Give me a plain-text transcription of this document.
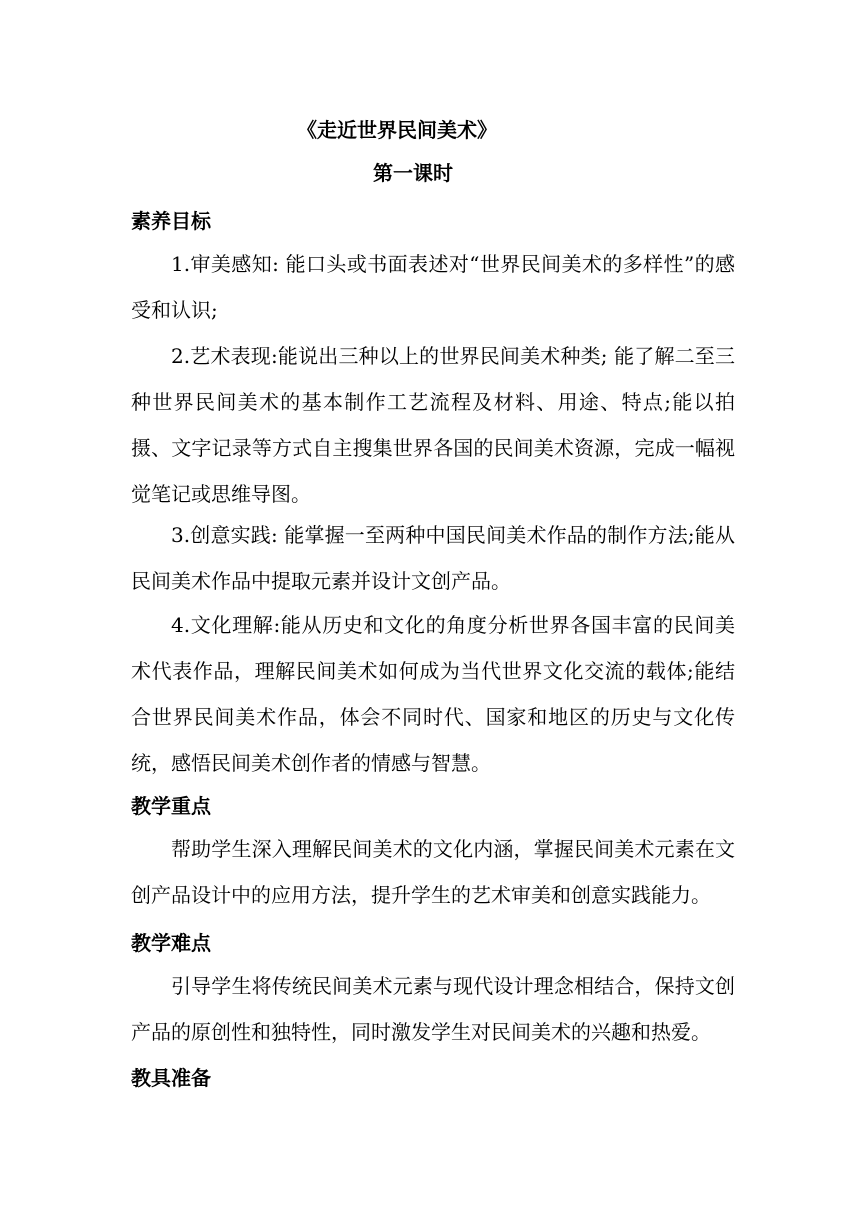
《走近世界民间美术》
第一课时
素养目标

1.审美感知: 能口头或书面表述对“世界民间美术的多样性”的感受和认识;

2.艺术表现:能说出三种以上的世界民间美术种类; 能了解二至三种世界民间美术的基本制作工艺流程及材料、用途、特点;能以拍摄、文字记录等方式自主搜集世界各国的民间美术资源，完成一幅视觉笔记或思维导图。

3.创意实践: 能掌握一至两种中国民间美术作品的制作方法;能从民间美术作品中提取元素并设计文创产品。

4.文化理解:能从历史和文化的角度分析世界各国丰富的民间美术代表作品，理解民间美术如何成为当代世界文化交流的载体;能结合世界民间美术作品，体会不同时代、国家和地区的历史与文化传统，感悟民间美术创作者的情感与智慧。

教学重点

帮助学生深入理解民间美术的文化内涵，掌握民间美术元素在文创产品设计中的应用方法，提升学生的艺术审美和创意实践能力。

教学难点

引导学生将传统民间美术元素与现代设计理念相结合，保持文创产品的原创性和独特性，同时激发学生对民间美术的兴趣和热爱。

教具准备
